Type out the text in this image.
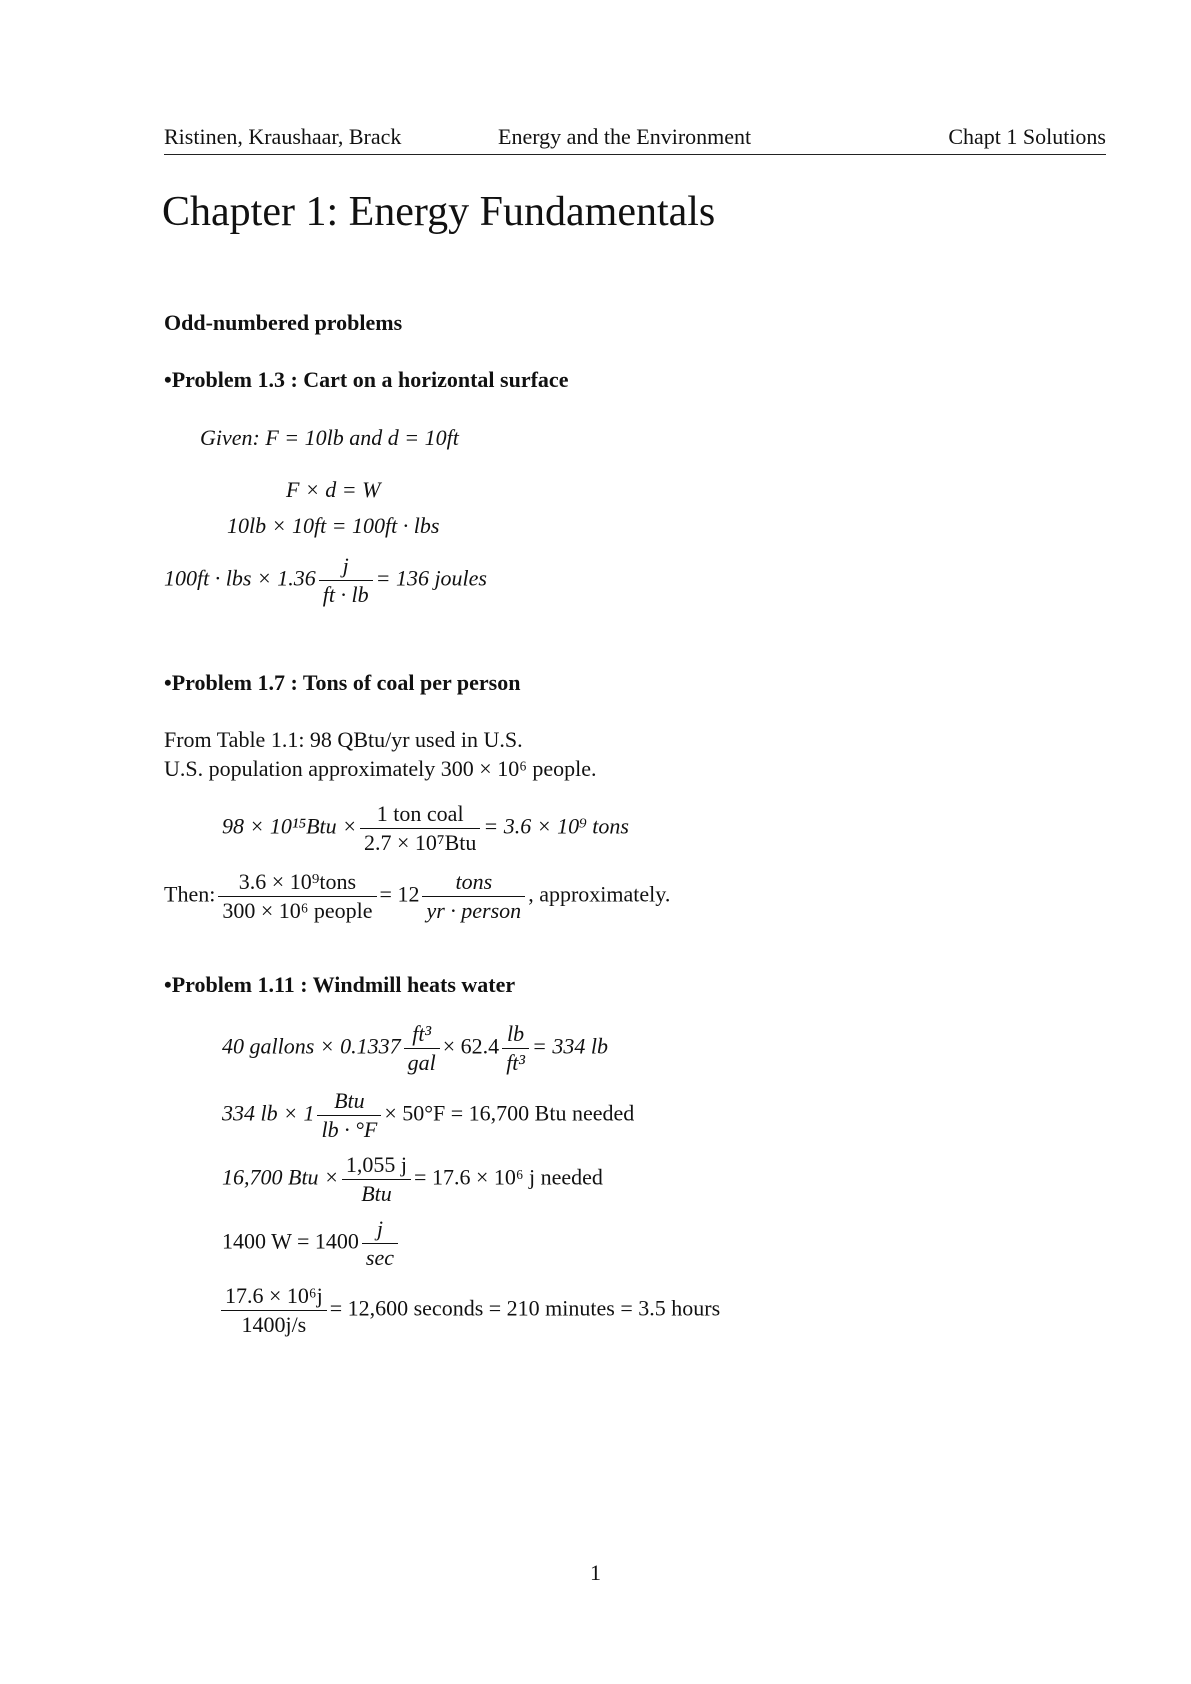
Ristinen, Kraushaar, Brack	Energy and the Environment	Chapt 1 Solutions
Chapter 1: Energy Fundamentals
Odd-numbered problems
•Problem 1.3 : Cart on a horizontal surface
Given: F = 10lb and d = 10ft
F × d = W
10lb × 10ft = 100ft · lbs
100ft · lbs × $1.36 \frac{j}{ft \cdot lb} = 136$ joules
•Problem 1.7 : Tons of coal per person
From Table 1.1: 98 QBtu/yr used in U.S.
U.S. population approximately 300 × 10⁶ people.
$98 \times 10^{15}Btu \times \frac{\text{1 ton coal}}{\text{2.7 × 10⁷Btu}} = 3.6 \times 10^9$ tons
Then: $\frac{\text{3.6 × 10⁹tons}}{\text{300 × 10⁶ people}} = 12 \frac{\text{tons}}{\text{yr · person}}$ , approximately.
•Problem 1.11 : Windmill heats water
40 gallons × $0.1337 \frac{\text{ft³}}{\text{gal}} \times 62.4 \frac{lb}{\text{ft³}} = 334$ lb
334 lb × $1 \frac{\text{Btu}}{lb \cdot ^\circ F} \times 50^\circ F = 16,700$ Btu needed
16,700 Btu × $\frac{1,055 j}{\text{Btu}} = 17.6 \times 10^6$ j needed
1400 $W = 1400 \frac{j}{\sec}$
$\frac{\text{17.6 × 10⁶j}}{1400j/s} = 12,600$ seconds = 210 minutes = 3.5 hours
1
